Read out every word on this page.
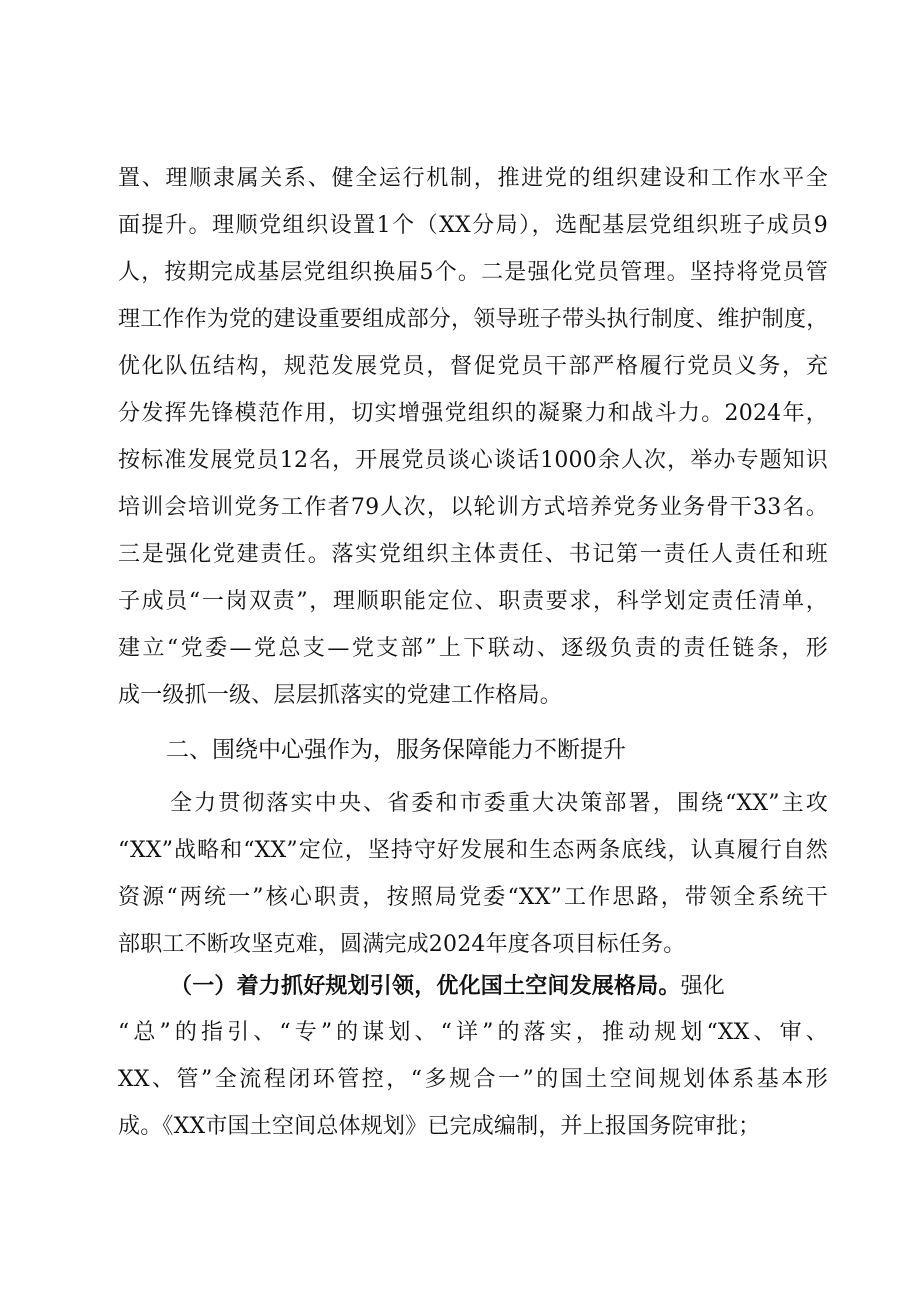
置、理顺隶属关系、健全运行机制，推进党的组织建设和工作水平全
面提升。理顺党组织设置1个（XX分局），选配基层党组织班子成员9
人，按期完成基层党组织换届5个。二是强化党员管理。坚持将党员管
理工作作为党的建设重要组成部分，领导班子带头执行制度、维护制度，
优化队伍结构，规范发展党员，督促党员干部严格履行党员义务，充
分发挥先锋模范作用，切实增强党组织的凝聚力和战斗力。2024年，
按标准发展党员12名，开展党员谈心谈话1000余人次，举办专题知识
培训会培训党务工作者79人次，以轮训方式培养党务业务骨干33名。
三是强化党建责任。落实党组织主体责任、书记第一责任人责任和班
子成员“一岗双责”，理顺职能定位、职责要求，科学划定责任清单，
建立“党委—党总支—党支部”上下联动、逐级负责的责任链条，形
成一级抓一级、层层抓落实的党建工作格局。
二、围绕中心强作为，服务保障能力不断提升
全力贯彻落实中央、省委和市委重大决策部署，围绕“XX”主攻
“XX”战略和“XX”定位，坚持守好发展和生态两条底线，认真履行自然
资源“两统一”核心职责，按照局党委“XX”工作思路，带领全系统干
部职工不断攻坚克难，圆满完成2024年度各项目标任务。
（一）着力抓好规划引领，优化国土空间发展格局。强化
“总”的指引、“专”的谋划、“详”的落实，推动规划“XX、审、
XX、管”全流程闭环管控，“多规合一”的国土空间规划体系基本形
成。《XX市国土空间总体规划》已完成编制，并上报国务院审批；
